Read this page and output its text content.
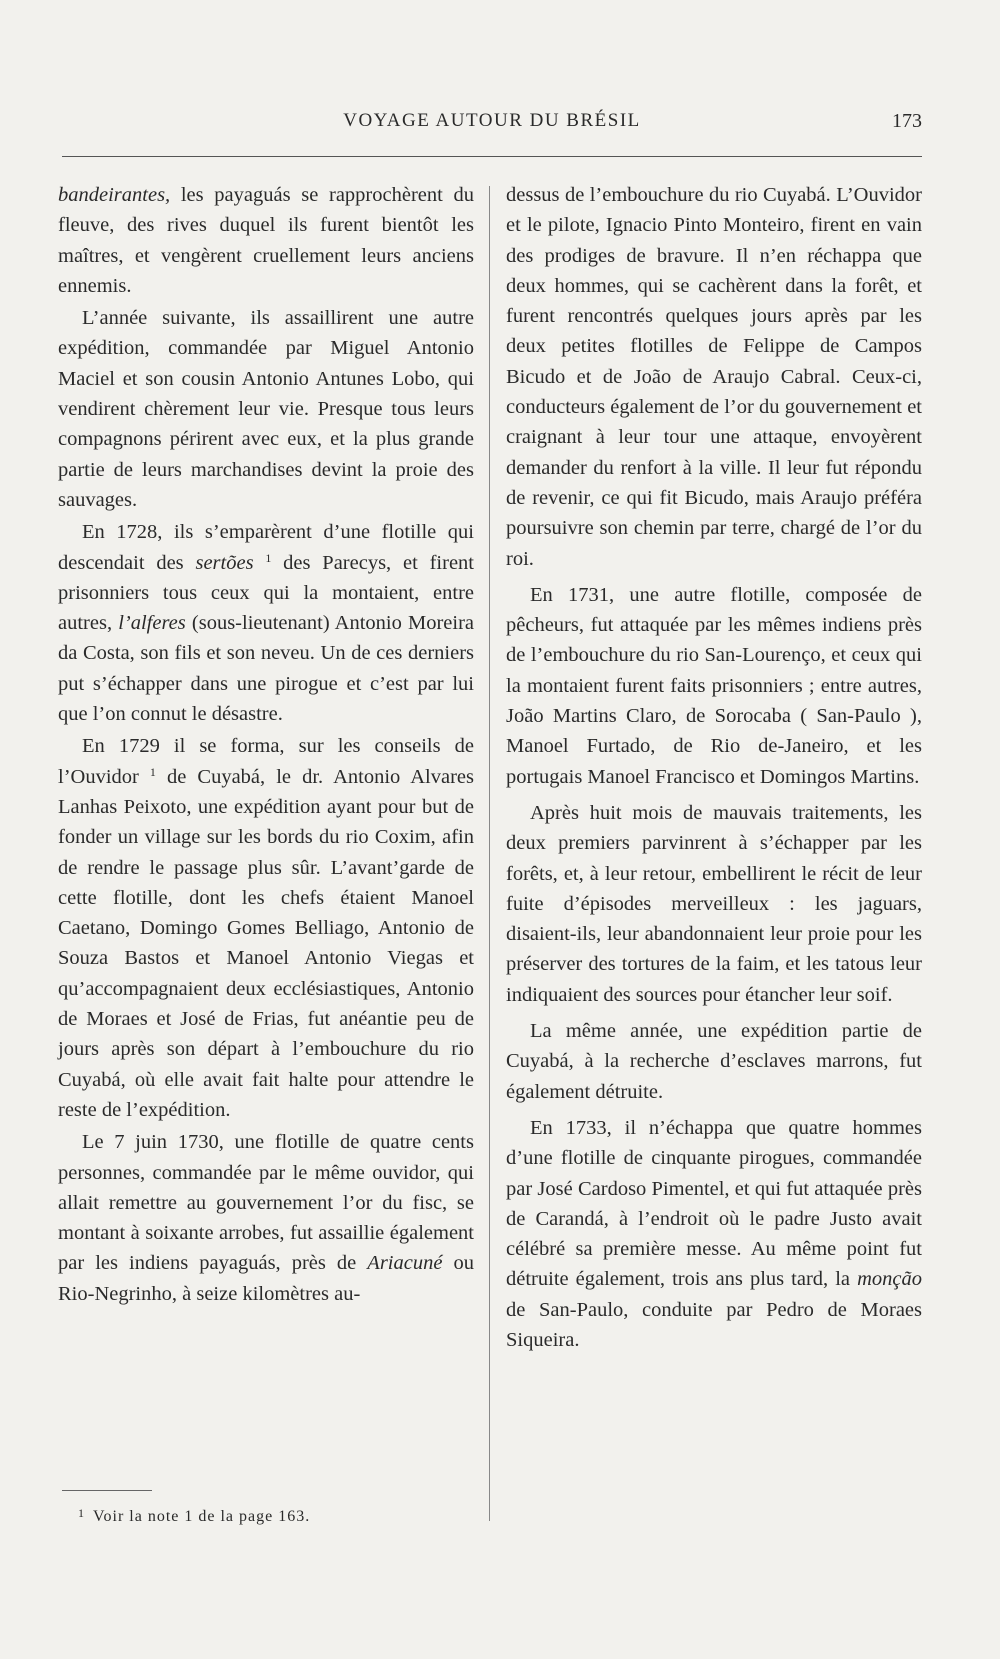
VOYAGE AUTOUR DU BRÉSIL	173

bandeirantes, les payaguás se rapprochèrent du fleuve, des rives duquel ils furent bientôt les maîtres, et vengèrent cruellement leurs anciens ennemis.

L’année suivante, ils assaillirent une autre expédition, commandée par Miguel Antonio Maciel et son cousin Antonio Antunes Lobo, qui vendirent chèrement leur vie. Presque tous leurs compagnons périrent avec eux, et la plus grande partie de leurs marchandises devint la proie des sauvages.

En 1728, ils s’emparèrent d’une flotille qui descendait des sertões $^1$ des Parecys, et firent prisonniers tous ceux qui la montaient, entre autres, l’alferes (sous-lieutenant) Antonio Moreira da Costa, son fils et son neveu. Un de ces derniers put s’échapper dans une pirogue et c’est par lui que l’on connut le désastre.

En 1729 il se forma, sur les conseils de l’Ouvidor $^1$ de Cuyabá, le dr. Antonio Alvares Lanhas Peixoto, une expédition ayant pour but de fonder un village sur les bords du rio Coxim, afin de rendre le passage plus sûr. L’avant’garde de cette flotille, dont les chefs étaient Manoel Caetano, Domingo Gomes Belliago, Antonio de Souza Bastos et Manoel Antonio Viegas et qu’accompagnaient deux ecclésiastiques, Antonio de Moraes et José de Frias, fut anéantie peu de jours après son départ à l’embouchure du rio Cuyabá, où elle avait fait halte pour attendre le reste de l’expédition.

Le 7 juin 1730, une flotille de quatre cents personnes, commandée par le même ouvidor, qui allait remettre au gouvernement l’or du fisc, se montant à soixante arrobes, fut assaillie également par les indiens payaguás, près de Ariacuné ou Rio-Negrinho, à seize kilomètres au-

dessus de l’embouchure du rio Cuyabá. L’Ouvidor et le pilote, Ignacio Pinto Monteiro, firent en vain des prodiges de bravure. Il n’en réchappa que deux hommes, qui se cachèrent dans la forêt, et furent rencontrés quelques jours après par les deux petites flotilles de Felippe de Campos Bicudo et de João de Araujo Cabral. Ceux-ci, conducteurs également de l’or du gouvernement et craignant à leur tour une attaque, envoyèrent demander du renfort à la ville. Il leur fut répondu de revenir, ce qui fit Bicudo, mais Araujo préféra poursuivre son chemin par terre, chargé de l’or du roi.

En 1731, une autre flotille, composée de pêcheurs, fut attaquée par les mêmes indiens près de l’embouchure du rio San-Lourenço, et ceux qui la montaient furent faits prisonniers ; entre autres, João Martins Claro, de Sorocaba ( San-Paulo ), Manoel Furtado, de Rio de-Janeiro, et les portugais Manoel Francisco et Domingos Martins.

Après huit mois de mauvais traitements, les deux premiers parvinrent à s’échapper par les forêts, et, à leur retour, embellirent le récit de leur fuite d’épisodes merveilleux : les jaguars, disaient-ils, leur abandonnaient leur proie pour les préserver des tortures de la faim, et les tatous leur indiquaient des sources pour étancher leur soif.

La même année, une expédition partie de Cuyabá, à la recherche d’esclaves marrons, fut également détruite.

En 1733, il n’échappa que quatre hommes d’une flotille de cinquante pirogues, commandée par José Cardoso Pimentel, et qui fut attaquée près de Carandá, à l’endroit où le padre Justo avait célébré sa première messe. Au même point fut détruite également, trois ans plus tard, la monção de San-Paulo, conduite par Pedro de Moraes Siqueira.

$^1$ Voir la note 1 de la page 163.
